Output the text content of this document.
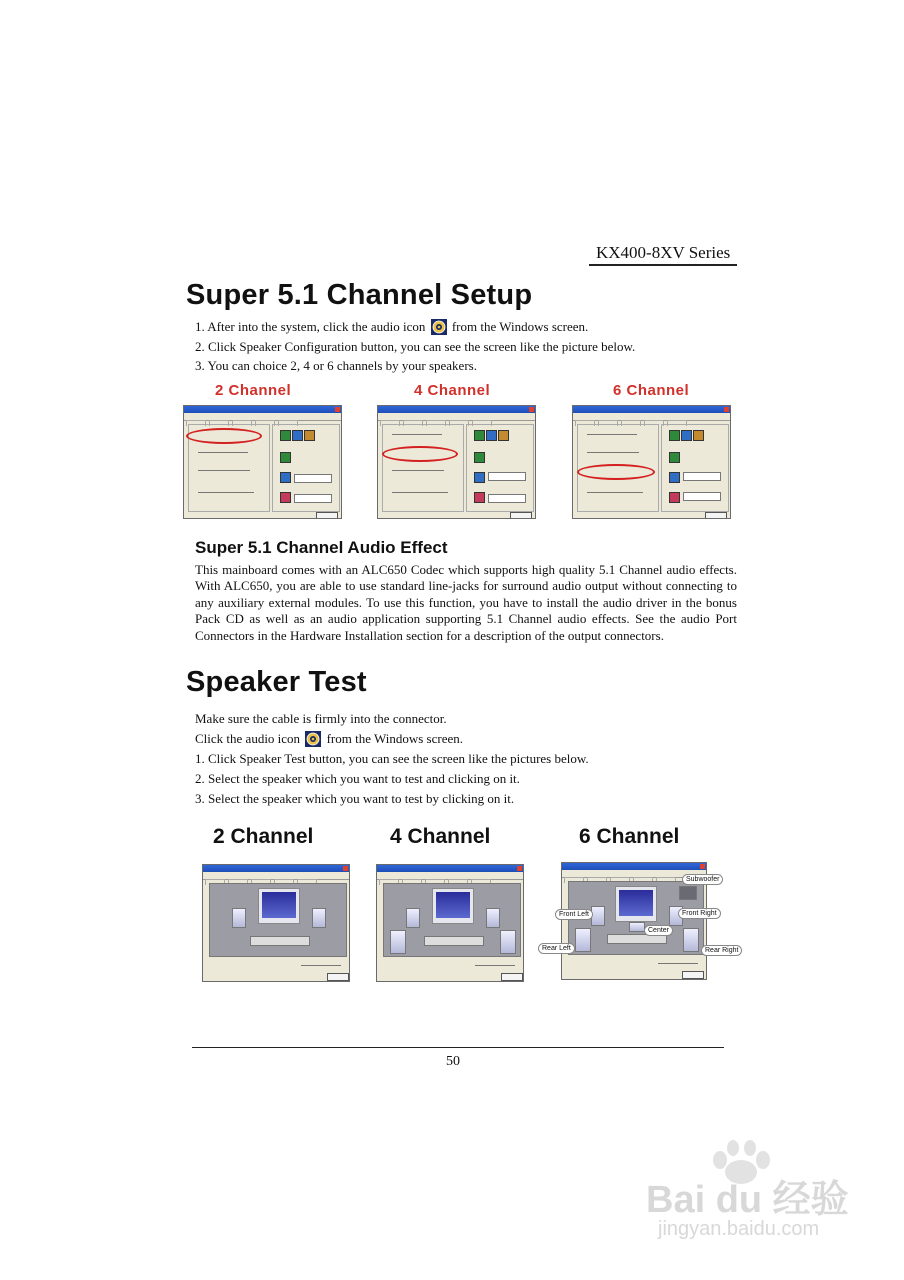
KX400-8XV Series
Super 5.1 Channel Setup
1. After into the system, click the audio icon from the Windows screen.
2. Click Speaker Configuration button, you can see the screen like the picture below.
3. You can choice 2, 4 or 6 channels by your speakers.
2 Channel	4 Channel	6 Channel
Super 5.1 Channel Audio Effect
This mainboard comes with an ALC650 Codec which supports high quality 5.1 Channel audio effects. With ALC650, you are able to use standard line-jacks for surround audio output without connecting to any auxiliary external modules. To use this function, you have to install the audio driver in the bonus Pack CD as well as an audio application supporting 5.1 Channel audio effects. See the audio Port Connectors in the Hardware Installation section for a description of the output connectors.
Speaker Test
Make sure the cable is firmly into the connector.
Click the audio icon from the Windows screen.
1. Click Speaker Test button, you can see the screen like the pictures below.
2. Select the speaker which you want to test and clicking on it.
3. Select the speaker which you want to test by clicking on it.
2 Channel	4 Channel	6 Channel
Subwoofer
Front Left	Front Right
Center
Rear Left	Rear Right
50
Bai du 经验
jingyan.baidu.com
